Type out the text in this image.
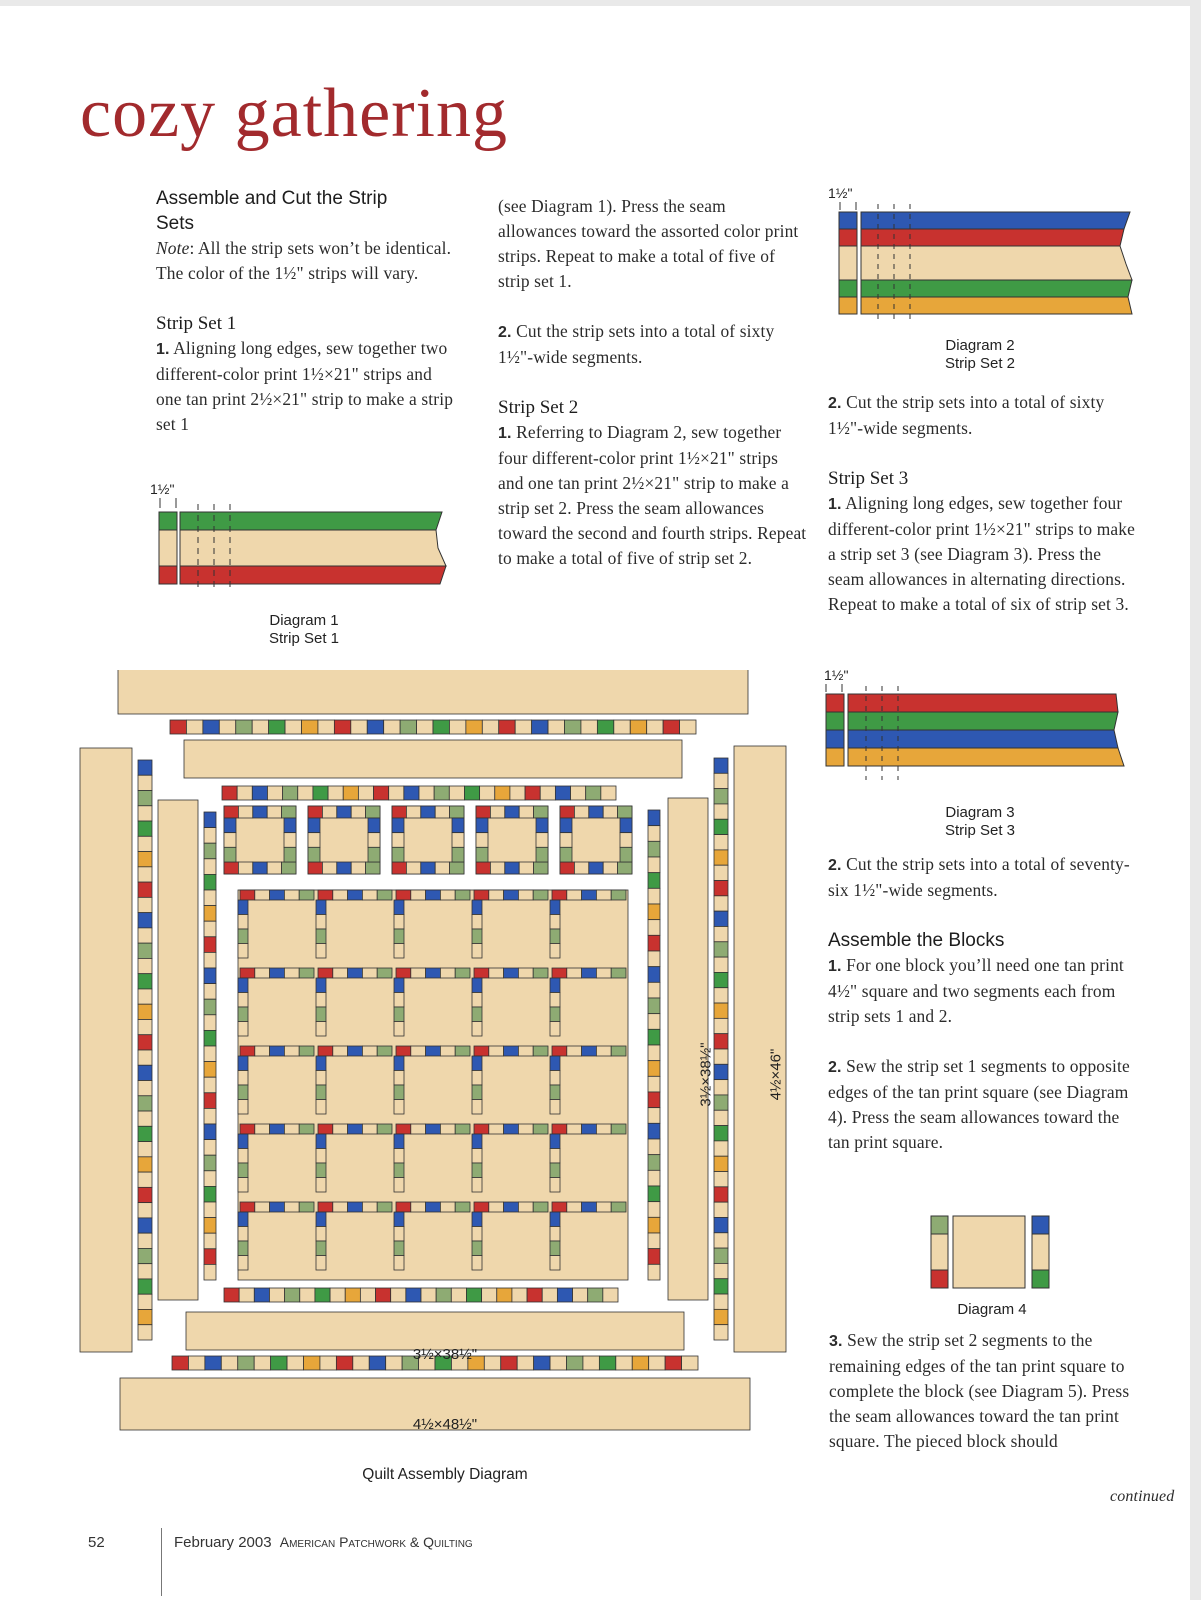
cozy gathering

Assemble and Cut the Strip Sets

Note: All the strip sets won’t be identical. The color of the 1½" strips will vary.

Strip Set 1

1. Aligning long edges, sew together two different-color print 1½×21" strips and one tan print 2½×21" strip to make a strip set 1

1½"
Diagram 1
Strip Set 1

(see Diagram 1). Press the seam allowances toward the assorted color print strips. Repeat to make a total of five of strip set 1.

2. Cut the strip sets into a total of sixty 1½"-wide segments.

Strip Set 2

1. Referring to Diagram 2, sew together four different-color print 1½×21" strips and one tan print 2½×21" strip to make a strip set 2. Press the seam allowances toward the second and fourth strips. Repeat to make a total of five of strip set 2.

1½"
Diagram 2
Strip Set 2

2. Cut the strip sets into a total of sixty 1½"-wide segments.

Strip Set 3

1. Aligning long edges, sew together four different-color print 1½×21" strips to make a strip set 3 (see Diagram 3). Press the seam allowances in alternating directions. Repeat to make a total of six of strip set 3.

1½"
Diagram 3
Strip Set 3

2. Cut the strip sets into a total of seventy-six 1½"-wide segments.

Assemble the Blocks

1. For one block you’ll need one tan print 4½" square and two segments each from strip sets 1 and 2.

2. Sew the strip set 1 segments to opposite edges of the tan print square (see Diagram 4). Press the seam allowances toward the tan print square.

Diagram 4

3. Sew the strip set 2 segments to the remaining edges of the tan print square to complete the block (see Diagram 5). Press the seam allowances toward the tan print square. The pieced block should

continued
3½×38½"
4½×48½"
3½×38½"	4½×46"
Quilt Assembly Diagram
52	February 2003 American Patchwork & Quilting
